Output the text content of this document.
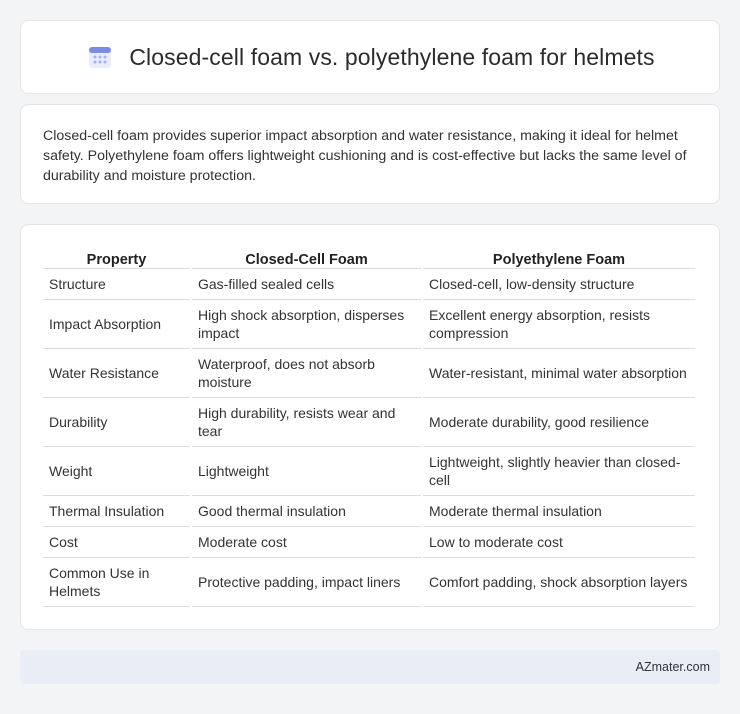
Closed-cell foam vs. polyethylene foam for helmets

Closed-cell foam provides superior impact absorption and water resistance, making it ideal for helmet safety. Polyethylene foam offers lightweight cushioning and is cost-effective but lacks the same level of durability and moisture protection.

Property	Closed-Cell Foam	Polyethylene Foam
Structure	Gas-filled sealed cells	Closed-cell, low-density structure
Impact Absorption	High shock absorption, disperses impact	Excellent energy absorption, resists compression
Water Resistance	Waterproof, does not absorb moisture	Water-resistant, minimal water absorption
Durability	High durability, resists wear and tear	Moderate durability, good resilience
Weight	Lightweight	Lightweight, slightly heavier than closed-cell
Thermal Insulation	Good thermal insulation	Moderate thermal insulation
Cost	Moderate cost	Low to moderate cost
Common Use in Helmets	Protective padding, impact liners	Comfort padding, shock absorption layers
AZmater.com
